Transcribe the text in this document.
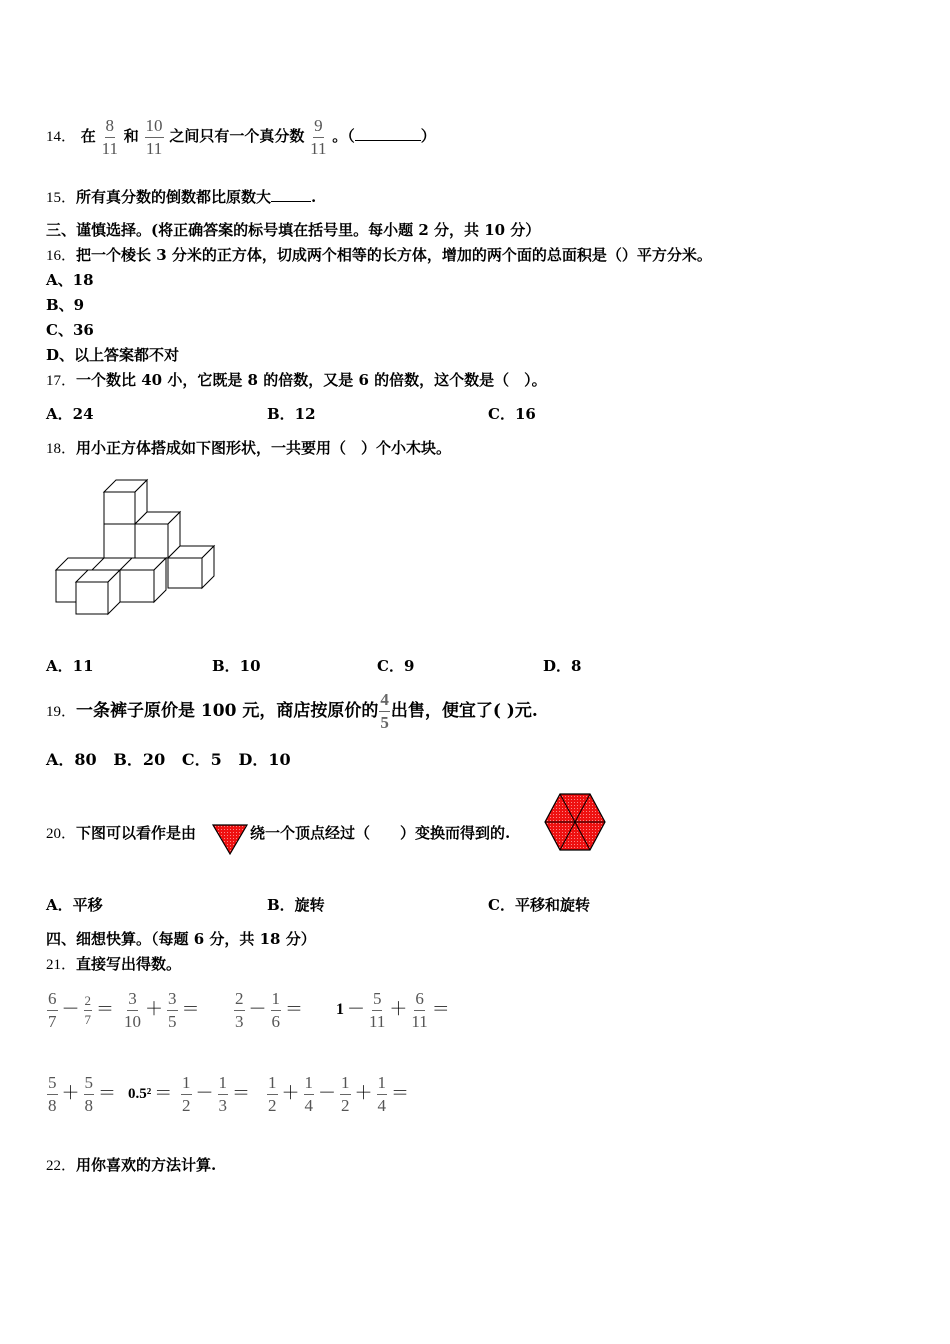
14． 在 $\frac{8}{11}$ 和 $\frac{10}{11}$ 之间只有一个真分数 $\frac{9}{11}$ 。（	）
15．所有真分数的倒数都比原数大	.
三、谨慎选择。(将正确答案的标号填在括号里。每小题 2 分，共 10 分）
16．把一个棱长 3 分米的正方体，切成两个相等的长方体，增加的两个面的总面积是（）平方分米。
A、18
B、9
C、36
D、以上答案都不对
17．一个数比 40 小，它既是 8 的倍数，又是 6 的倍数，这个数是（　）。
A．24	B．12	C．16
18．用小正方体搭成如下图形状，一共要用（　）个小木块。
A．11	B．10	C．9	D．8
19．一条裤子原价是 100 元，商店按原价的 $\frac{4}{5}$ 出售，便宜了( )元.
A．80 B．20 C．5 D．10
20．下图可以看作是由	绕一个顶点经过（　　）变换而得到的.
A．平移	B．旋转	C．平移和旋转
四、细想快算。（每题 6 分，共 18 分）
21．直接写出得数。
$\frac{6}{7} - \frac{2}{7} = \frac{3}{10} + \frac{3}{5} = \frac{2}{3} - \frac{1}{6} = 1 - \frac{5}{11} + \frac{6}{11}$ ＝
$\frac{5}{8} + \frac{5}{8} = 0.5^2 = \frac{1}{2} - \frac{1}{3} = \frac{1}{2} + \frac{1}{4} - \frac{1}{2} + \frac{1}{4}$ ＝
22．用你喜欢的方法计算.
